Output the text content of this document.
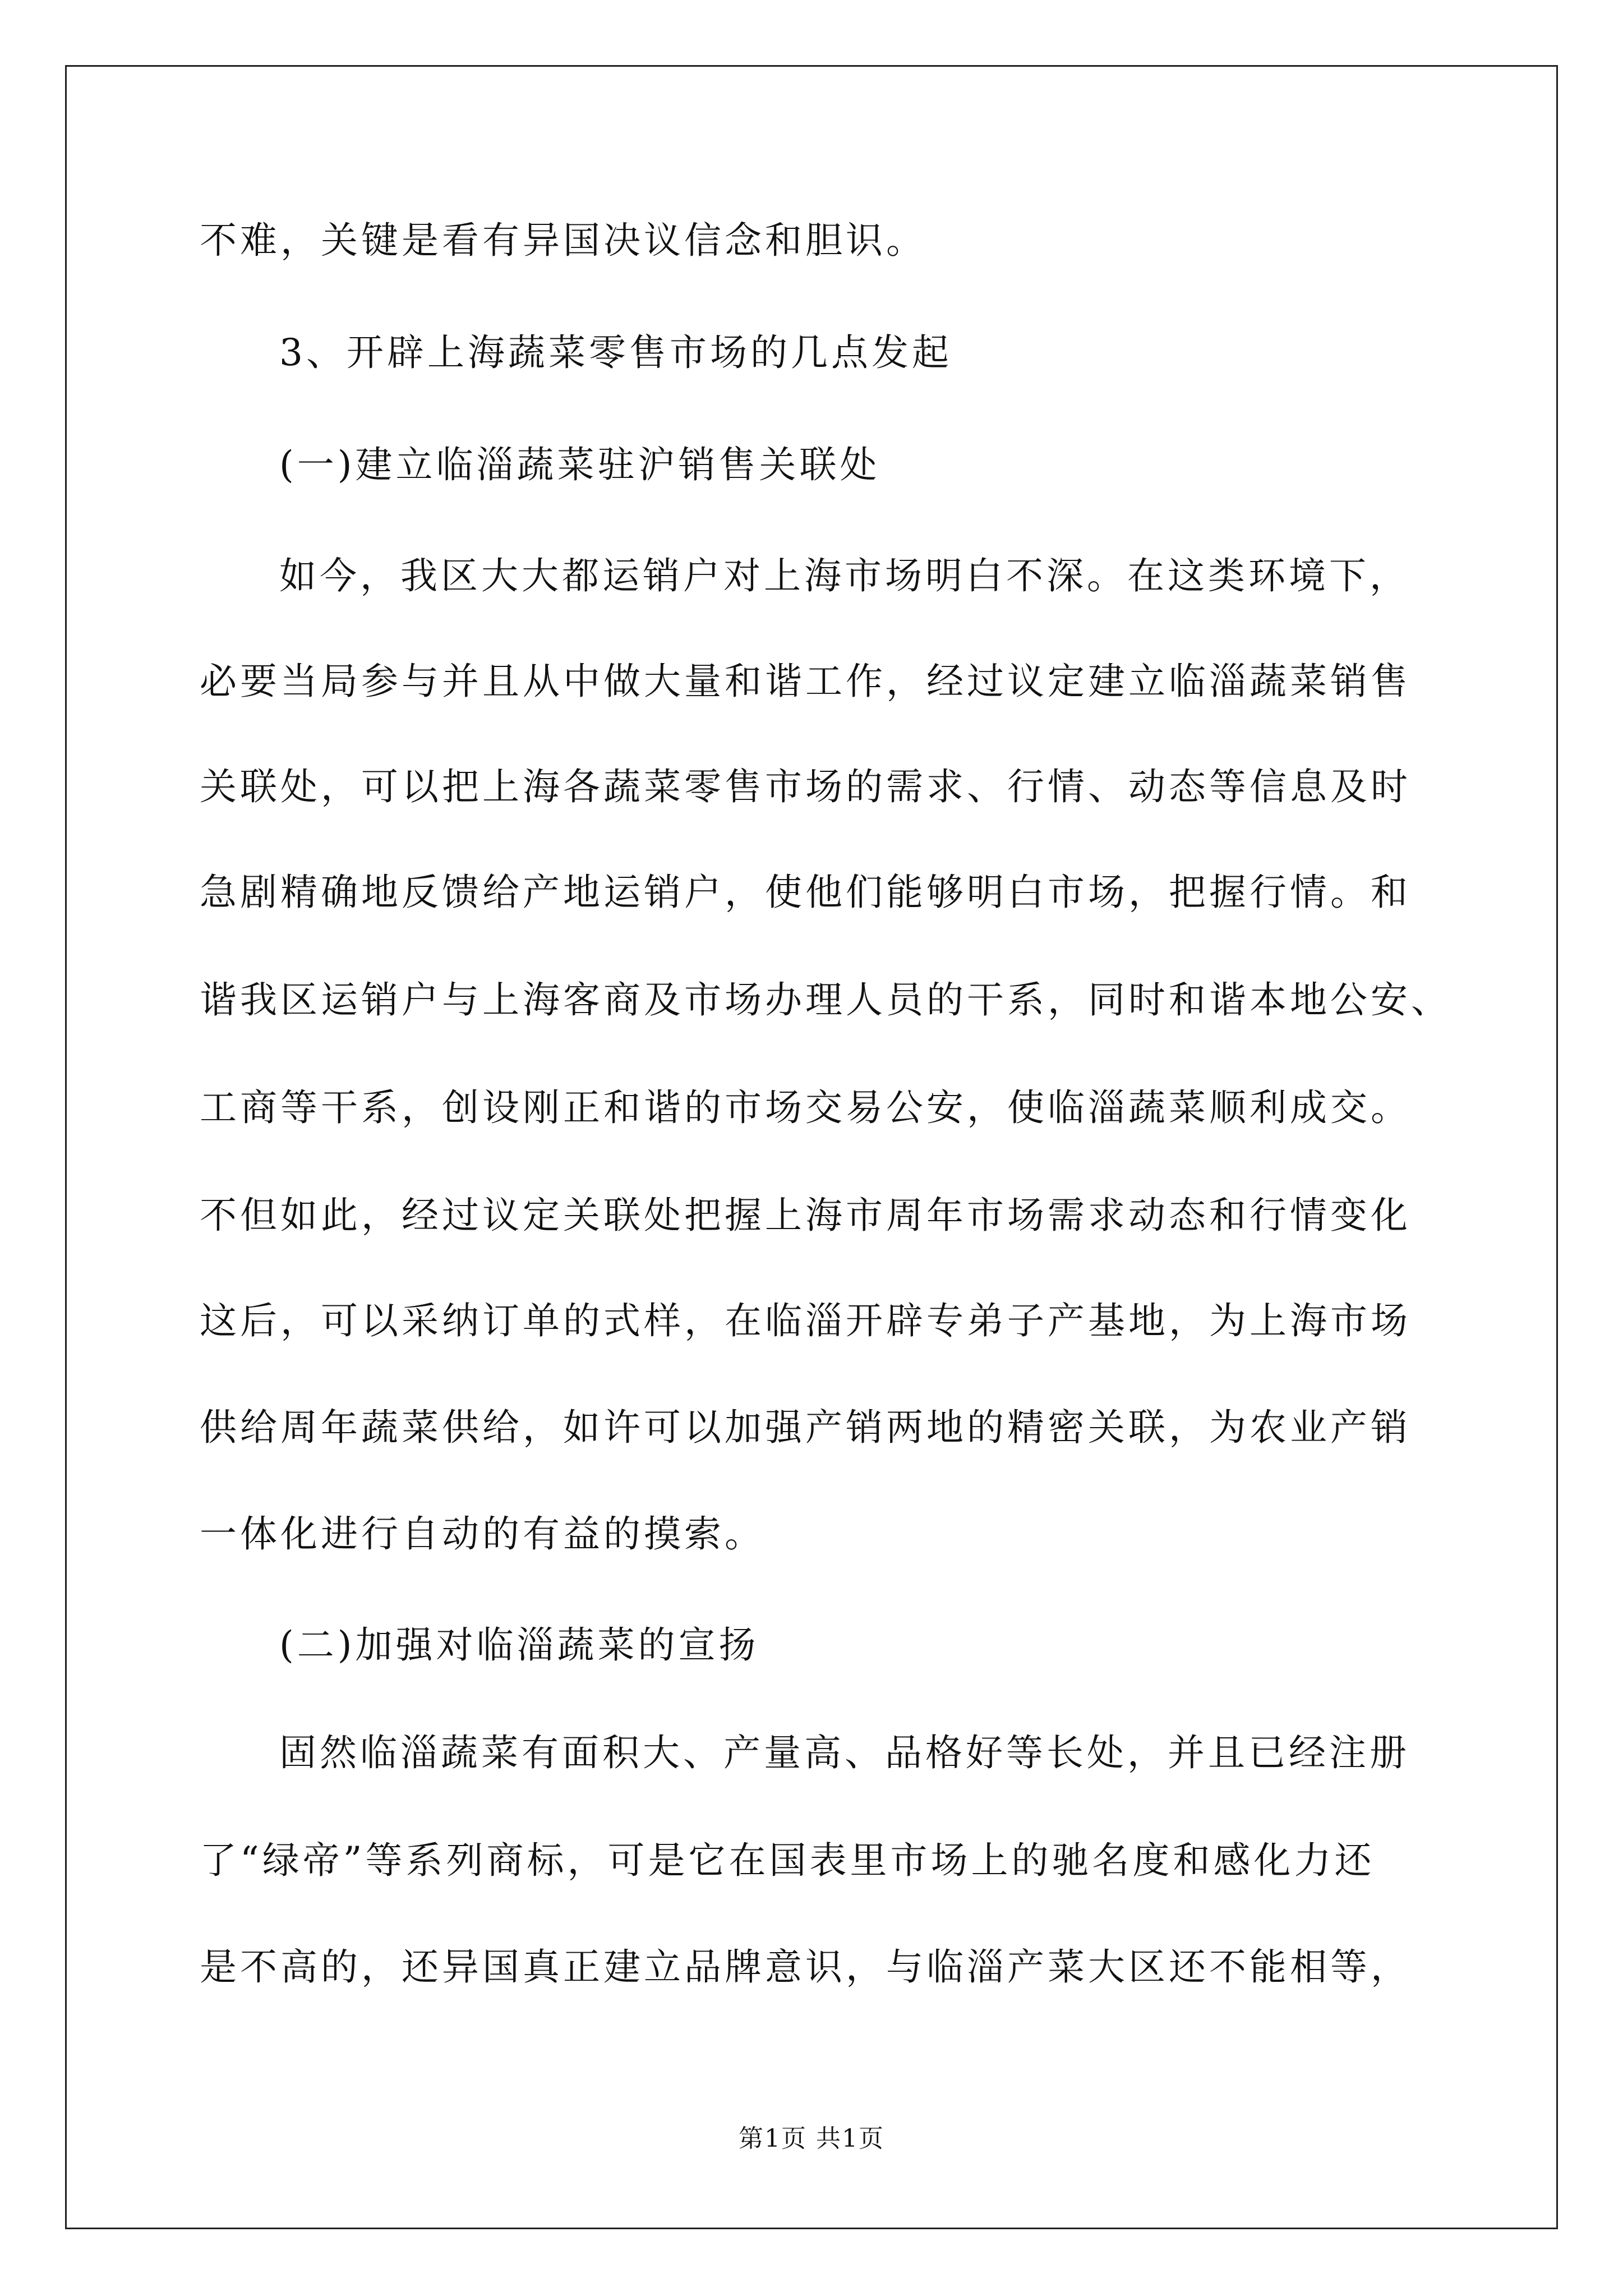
不难，关键是看有异国决议信念和胆识。
3、开辟上海蔬菜零售市场的几点发起
(一)建立临淄蔬菜驻沪销售关联处
如今，我区大大都运销户对上海市场明白不深。在这类环境下，
必要当局参与并且从中做大量和谐工作，经过议定建立临淄蔬菜销售
关联处，可以把上海各蔬菜零售市场的需求、行情、动态等信息及时
急剧精确地反馈给产地运销户，使他们能够明白市场，把握行情。和
谐我区运销户与上海客商及市场办理人员的干系，同时和谐本地公安、
工商等干系，创设刚正和谐的市场交易公安，使临淄蔬菜顺利成交。
不但如此，经过议定关联处把握上海市周年市场需求动态和行情变化
这后，可以采纳订单的式样，在临淄开辟专弟子产基地，为上海市场
供给周年蔬菜供给，如许可以加强产销两地的精密关联，为农业产销
一体化进行自动的有益的摸索。
(二)加强对临淄蔬菜的宣扬
固然临淄蔬菜有面积大、产量高、品格好等长处，并且已经注册
了“绿帝”等系列商标，可是它在国表里市场上的驰名度和感化力还
是不高的，还异国真正建立品牌意识，与临淄产菜大区还不能相等，
第1页 共1页
